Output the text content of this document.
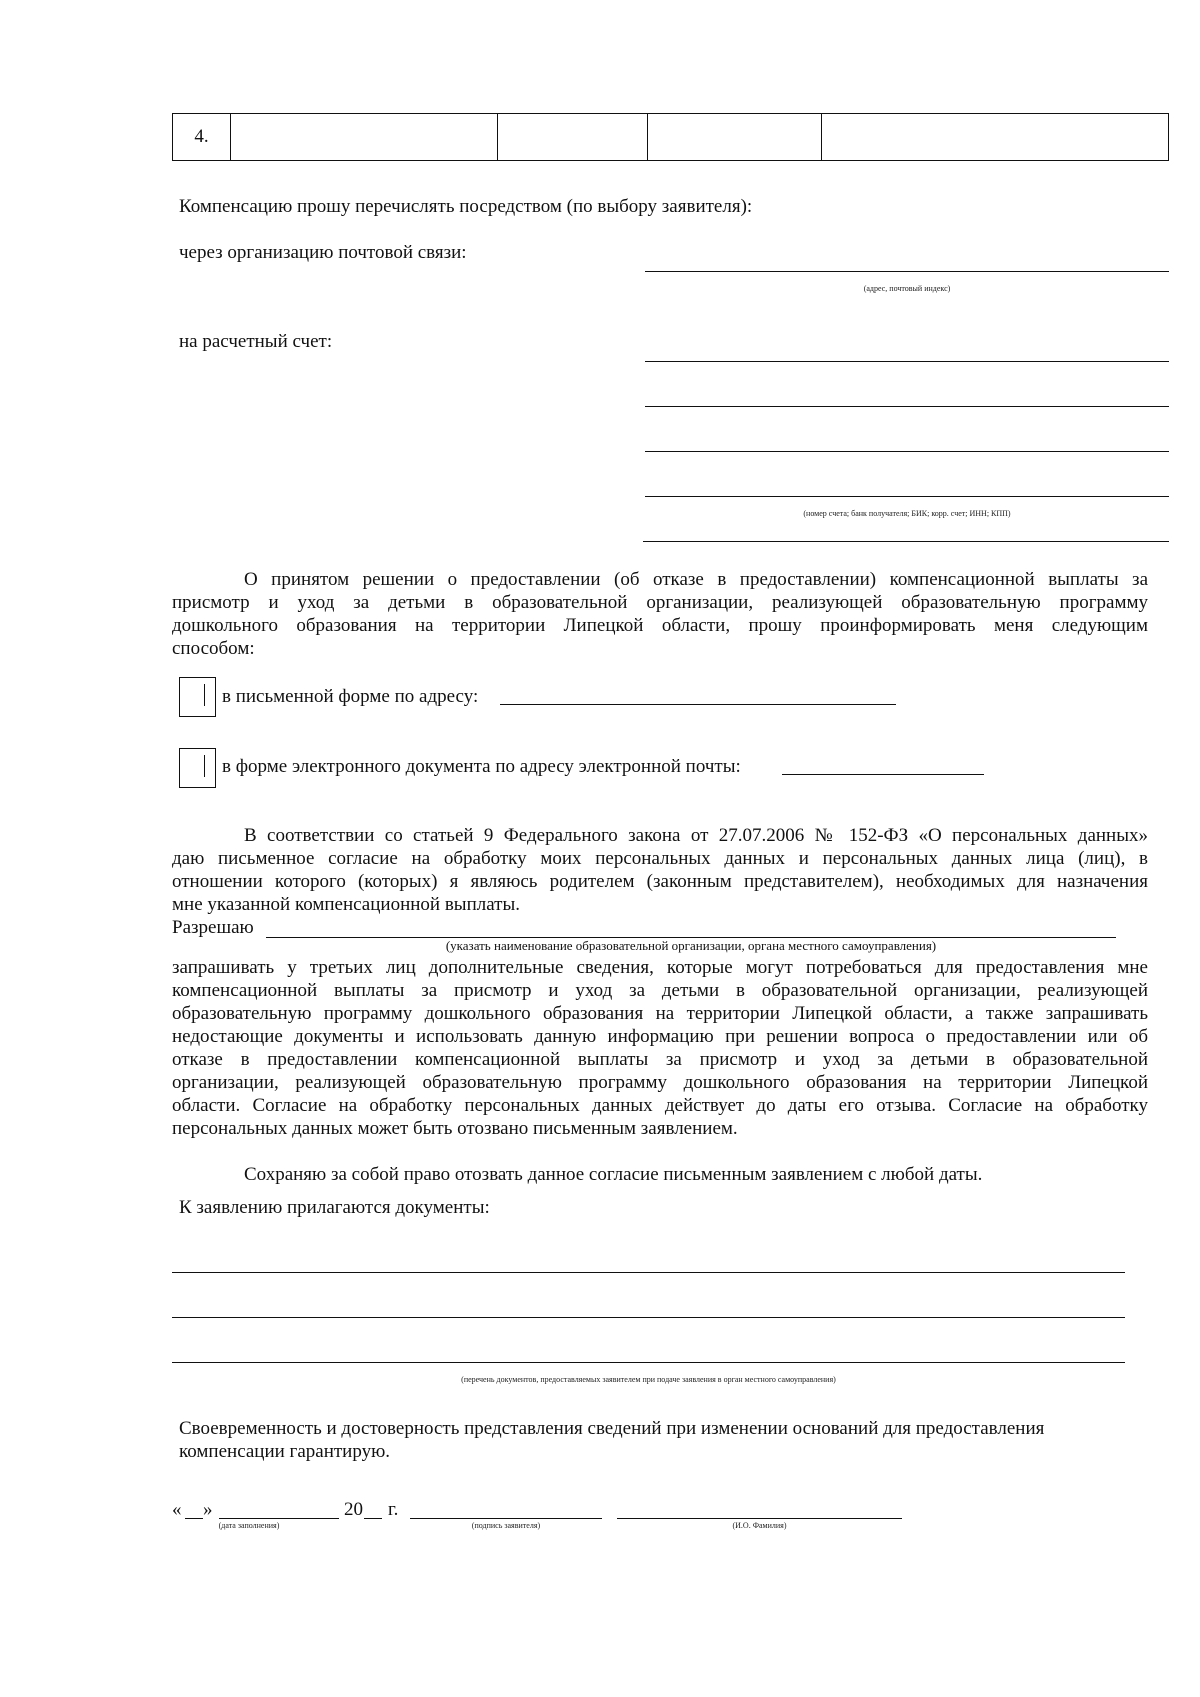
4.				
Компенсацию прошу перечислять посредством (по выбору заявителя):
через организацию почтовой связи:
(адрес, почтовый индекс)
на расчетный счет:
(номер счета; банк получателя; БИК; корр. счет; ИНН; КПП)
О принятом решении о предоставлении (об отказе в предоставлении) компенсационной выплаты за
присмотр и уход за детьми в образовательной организации, реализующей образовательную программу
дошкольного образования на территории Липецкой области, прошу проинформировать меня следующим
способом:
в письменной форме по адресу:
в форме электронного документа по адресу электронной почты:
В соответствии со статьей 9 Федерального закона от 27.07.2006 № 152-ФЗ «О персональных данных»
даю письменное согласие на обработку моих персональных данных и персональных данных лица (лиц), в
отношении которого (которых) я являюсь родителем (законным представителем), необходимых для назначения
мне указанной компенсационной выплаты.
Разрешаю
(указать наименование образовательной организации, органа местного самоуправления)
запрашивать у третьих лиц дополнительные сведения, которые могут потребоваться для предоставления мне
компенсационной выплаты за присмотр и уход за детьми в образовательной организации, реализующей
образовательную программу дошкольного образования на территории Липецкой области, а также запрашивать
недостающие документы и использовать данную информацию при решении вопроса о предоставлении или об
отказе в предоставлении компенсационной выплаты за присмотр и уход за детьми в образовательной
организации, реализующей образовательную программу дошкольного образования на территории Липецкой
области. Согласие на обработку персональных данных действует до даты его отзыва. Согласие на обработку
персональных данных может быть отозвано письменным заявлением.
Сохраняю за собой право отозвать данное согласие письменным заявлением с любой даты.
К заявлению прилагаются документы:
(перечень документов, предоставляемых заявителем при подаче заявления в орган местного самоуправления)
Своевременность и достоверность представления сведений при изменении оснований для предоставления
компенсации гарантирую.
« »	20 г.
(дата заполнения)	(подпись заявителя)	(И.О. Фамилия)
